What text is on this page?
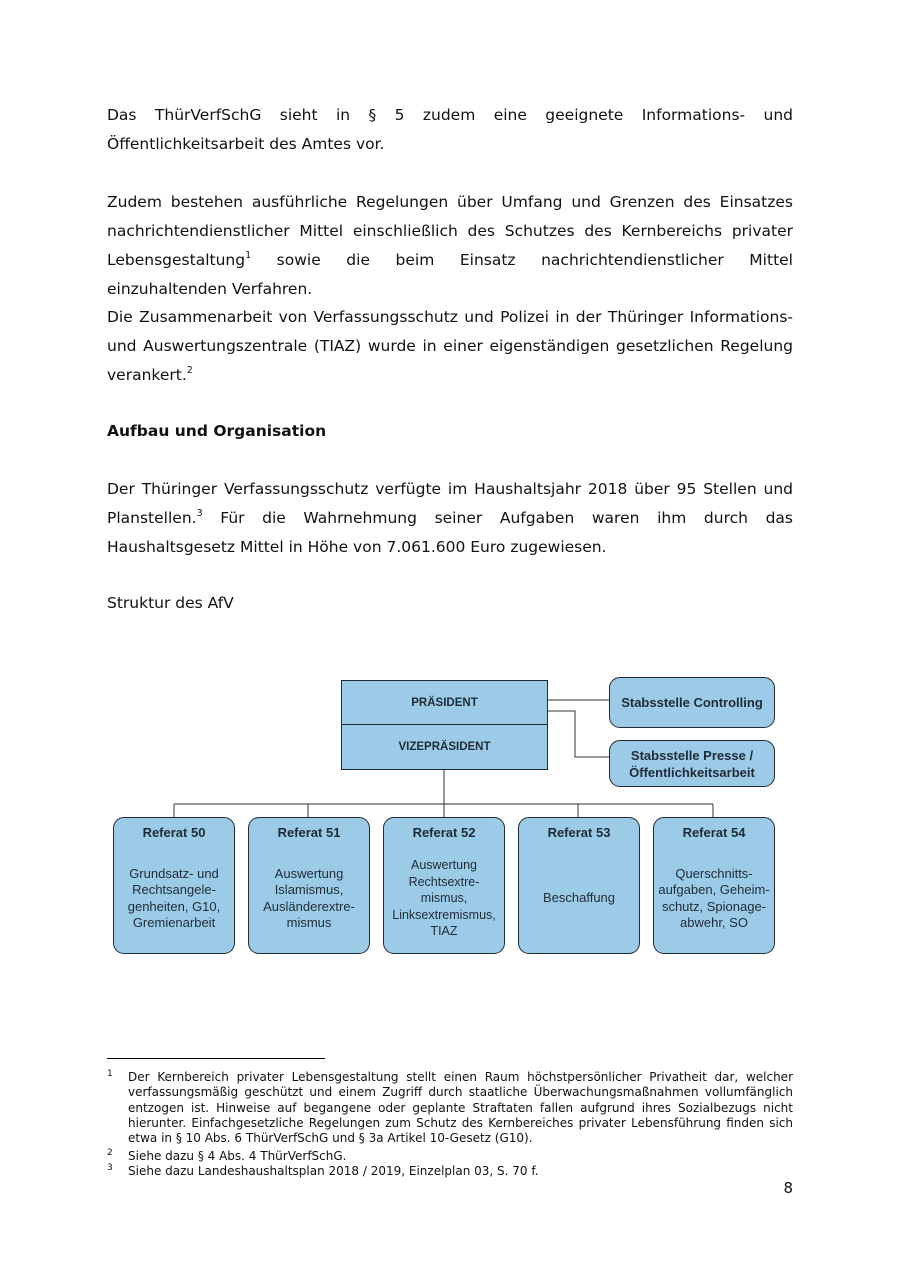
Das ThürVerfSchG sieht in § 5 zudem eine geeignete Informations- und Öffentlichkeitsarbeit des Amtes vor.

Zudem bestehen ausführliche Regelungen über Umfang und Grenzen des Einsatzes nachrichtendienstlicher Mittel einschließlich des Schutzes des Kernbereichs privater Lebensgestaltung$^1$ sowie die beim Einsatz nachrichtendienstlicher Mittel einzuhaltenden Verfahren.

Die Zusammenarbeit von Verfassungsschutz und Polizei in der Thüringer Informations- und Auswertungszentrale (TIAZ) wurde in einer eigenständigen gesetzlichen Regelung verankert.$^2$

Aufbau und Organisation

Der Thüringer Verfassungsschutz verfügte im Haushaltsjahr 2018 über 95 Stellen und Planstellen.$^3$ Für die Wahrnehmung seiner Aufgaben waren ihm durch das Haushaltsgesetz Mittel in Höhe von 7.061.600 Euro zugewiesen.

Struktur des AfV

PRÄSIDENT
VIZEPRÄSIDENT
Stabsstelle Controlling
Stabsstelle Presse / Öffentlichkeitsarbeit
Referat 50
Grundsatz- und
Rechtsangele-
genheiten, G10,
Gremienarbeit
Referat 51
Auswertung
Islamismus,
Ausländerextre-
mismus
Referat 52
Auswertung
Rechtsextre-
mismus,
Linksextremismus,
TIAZ
Referat 53
Beschaffung
Referat 54
Querschnitts-
aufgaben, Geheim-
schutz, Spionage-
abwehr, SO
1 Der Kernbereich privater Lebensgestaltung stellt einen Raum höchstpersönlicher Privatheit dar, welcher verfassungsmäßig geschützt und einem Zugriff durch staatliche Überwachungsmaßnahmen vollumfänglich entzogen ist. Hinweise auf begangene oder geplante Straftaten fallen aufgrund ihres Sozialbezugs nicht hierunter. Einfachgesetzliche Regelungen zum Schutz des Kernbereiches privater Lebensführung finden sich etwa in § 10 Abs. 6 ThürVerfSchG und § 3a Artikel 10-Gesetz (G10).
2 Siehe dazu § 4 Abs. 4 ThürVerfSchG.
3 Siehe dazu Landeshaushaltsplan 2018 / 2019, Einzelplan 03, S. 70 f.

8
